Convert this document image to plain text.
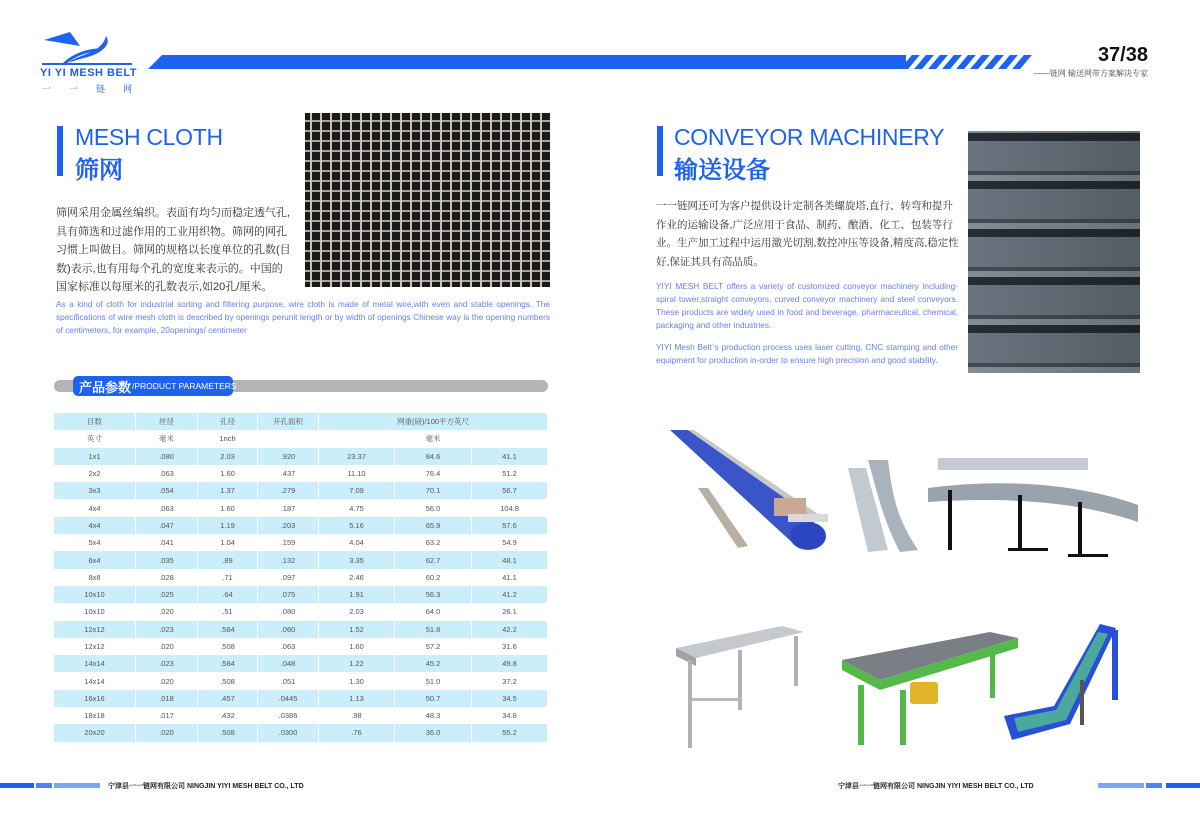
YI YI MESH BELT
一一链网
37/38
——链网 输送网带方案解决专家
MESH CLOTH
筛网
筛网采用金属丝编织。表面有均匀而稳定透气孔,具有筛选和过滤作用的工业用织物。筛网的网孔习惯上叫做目。筛网的规格以长度单位的孔数(目数)表示,也有用每个孔的宽度来表示的。中国的国家标准以每厘米的孔数表示,如20孔/厘米。
As a kind of cloth for industrial sorting and filtering purpose, wire cloth is made of metal wire,with even and stable openings. The specifications of wire mesh cloth is described by openings perunit length or by width of openings Chinese way is the opening numbers of centimeters, for example, 20openings/ centimeter
产品参数 /PRODUCT PARAMETERS
目数	丝径	孔径	开孔面积	网重(磅)/100平方英尺		
英寸	毫米	1nch		毫米		
1x1	.080	2.03	.920	23.37	84.6	41.1
2x2	.063	1.60	.437	11.10	76.4	51.2
3x3	.054	1.37	.279	7.09	70.1	56.7
4x4	.063	1.60	.187	4.75	56.0	104.8
4x4	.047	1.19	.203	5.16	65.9	57.6
5x4	.041	1.04	.159	4.04	63.2	54.9
6x4	.035	.89	.132	3.35	62.7	48.1
8x8	.028	.71	.097	2.46	60.2	41.1
10x10	.025	.64	.075	1.91	56.3	41.2
10x10	.020	.51	.080	2.03	64.0	26.1
12x12	.023	.584	.060	1.52	51.8	42.2
12x12	.020	.508	.063	1.60	57.2	31.6
14x14	.023	.584	.048	1.22	45.2	49.8
14x14	.020	.508	.051	1.30	51.0	37.2
16x16	.018	.457	.0445	1.13	50.7	34.5
18x18	.017	.432	.0386	.98	48.3	34.8
20x20	.020	.508	.0300	.76	36.0	55.2
CONVEYOR MACHINERY
输送设备
一一链网还可为客户提供设计定制各类螺旋塔,直行、转弯和提升作业的运输设备,广泛应用于食品、制药、酿酒、化工、包装等行业。生产加工过程中运用激光切割,数控冲压等设备,精度高,稳定性好,保证其具有高品质。
YIYI MESH BELT offers a variety of customized conveyor machinery including-spiral tower,straight conveyors, curved conveyor machinery and steel conveyors. These products are widely used in food and beverage, pharmaceutical, chemical, packaging and other industries.
YIYI Mesh Belt`s production process uses laser cutting, CNC stamping and other equipment for production in-order to ensure high precision and good stability.
宁津县一一链网有限公司 NINGJIN YIYI MESH BELT CO., LTD	宁津县一一链网有限公司 NINGJIN YIYI MESH BELT CO., LTD
